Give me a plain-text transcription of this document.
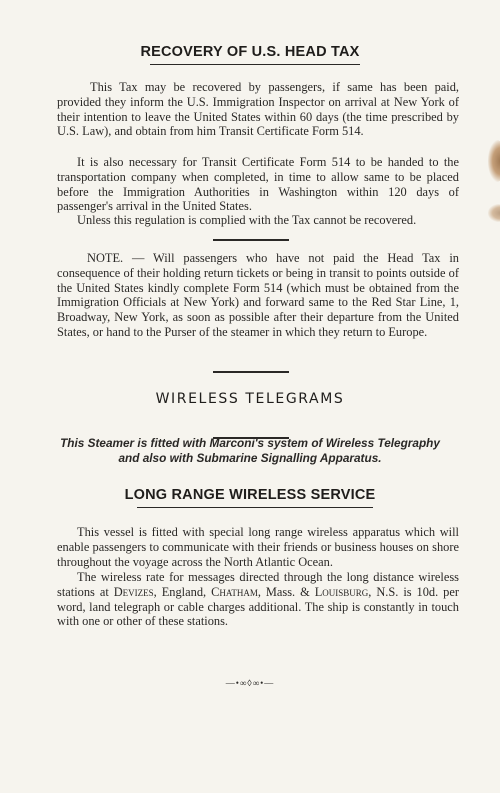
RECOVERY OF U.S. HEAD TAX

This Tax may be recovered by passengers, if same has been paid, provided they inform the U.S. Immigration Inspector on arrival at New York of their intention to leave the United States within 60 days (the time prescribed by U.S. Law), and obtain from him Transit Certificate Form 514.

It is also necessary for Transit Certificate Form 514 to be handed to the transportation company when completed, in time to allow same to be placed before the Immigration Authorities in Washington within 120 days of passenger's arrival in the United States.

Unless this regulation is complied with the Tax cannot be recovered.

NOTE. — Will passengers who have not paid the Head Tax in consequence of their holding return tickets or being in transit to points outside of the United States kindly complete Form 514 (which must be obtained from the Immigration Officials at New York) and forward same to the Red Star Line, 1, Broadway, New York, as soon as possible after their departure from the United States, or hand to the Purser of the steamer in which they return to Europe.

WIRELESS TELEGRAMS

This Steamer is fitted with Marconi's system of Wireless Telegraphy
and also with Submarine Signalling Apparatus.

LONG RANGE WIRELESS SERVICE

This vessel is fitted with special long range wireless apparatus which will enable passengers to communicate with their friends or business houses on shore throughout the voyage across the North Atlantic Ocean.

The wireless rate for messages directed through the long distance wireless stations at Devizes, England, Chatham, Mass. & Louisburg, N.S. is 10d. per word, land telegraph or cable charges additional. The ship is constantly in touch with one or other of these stations.

—•∞◊∞•—
